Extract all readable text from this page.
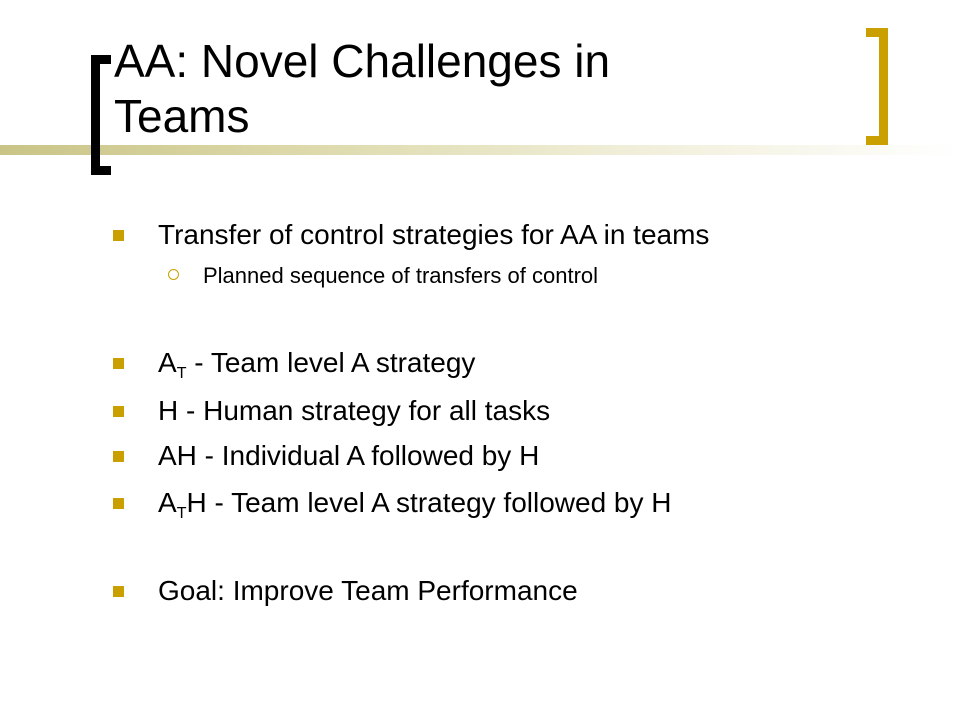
AA: Novel Challenges in
Teams
Transfer of control strategies for AA in teams
Planned sequence of transfers of control
$A_T$ - Team level A strategy
H - Human strategy for all tasks
AH - Individual A followed by H
$A_TH$ - Team level A strategy followed by H
Goal: Improve Team Performance
